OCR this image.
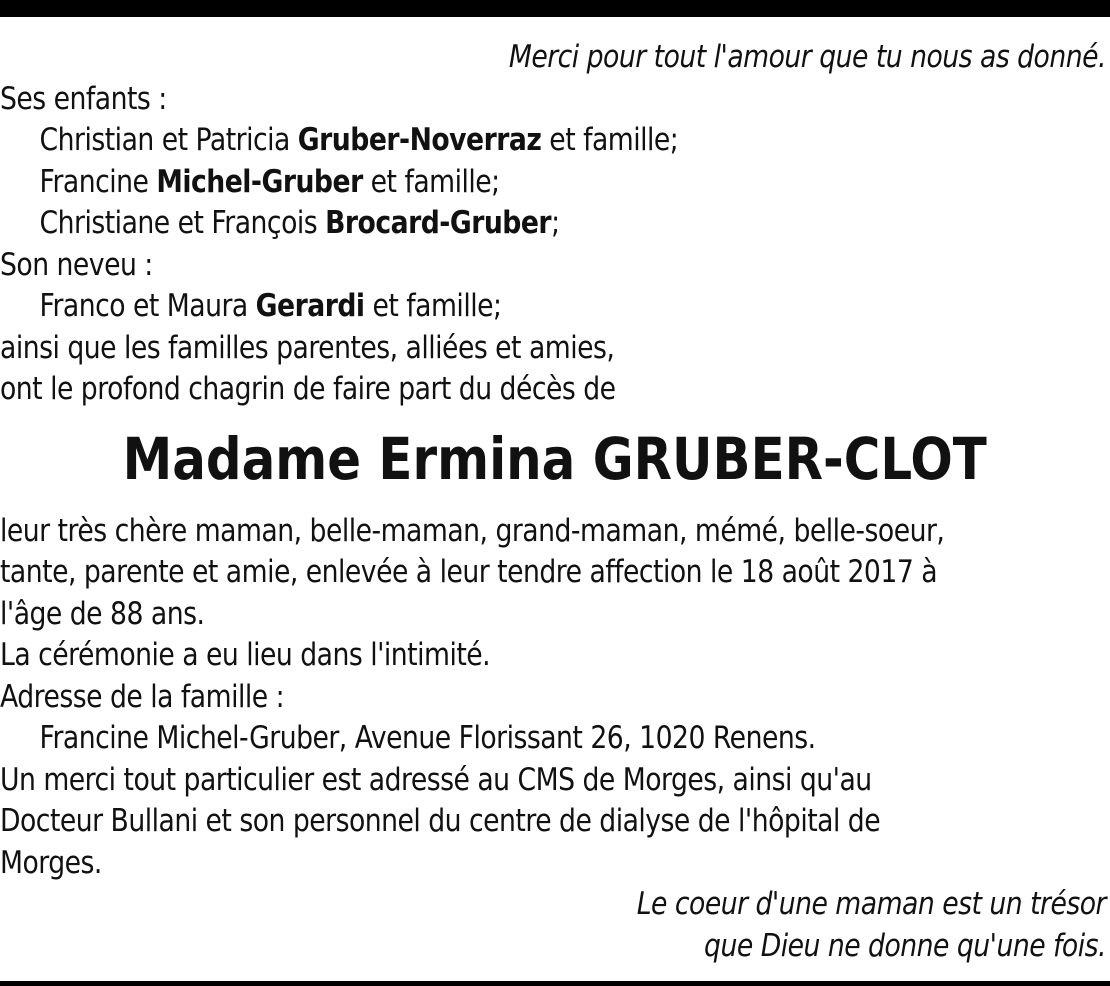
Merci pour tout l'amour que tu nous as donné.
Ses enfants :
Christian et Patricia Gruber-Noverraz et famille;
Francine Michel-Gruber et famille;
Christiane et François Brocard-Gruber;
Son neveu :
Franco et Maura Gerardi et famille;
ainsi que les familles parentes, alliées et amies,
ont le profond chagrin de faire part du décès de
Madame Ermina GRUBER-CLOT
leur très chère maman, belle-maman, grand-maman, mémé, belle-soeur,
tante, parente et amie, enlevée à leur tendre affection le 18 août 2017 à
l'âge de 88 ans.
La cérémonie a eu lieu dans l'intimité.
Adresse de la famille :
Francine Michel-Gruber, Avenue Florissant 26, 1020 Renens.
Un merci tout particulier est adressé au CMS de Morges, ainsi qu'au
Docteur Bullani et son personnel du centre de dialyse de l'hôpital de
Morges.
Le coeur d'une maman est un trésor
que Dieu ne donne qu'une fois.
